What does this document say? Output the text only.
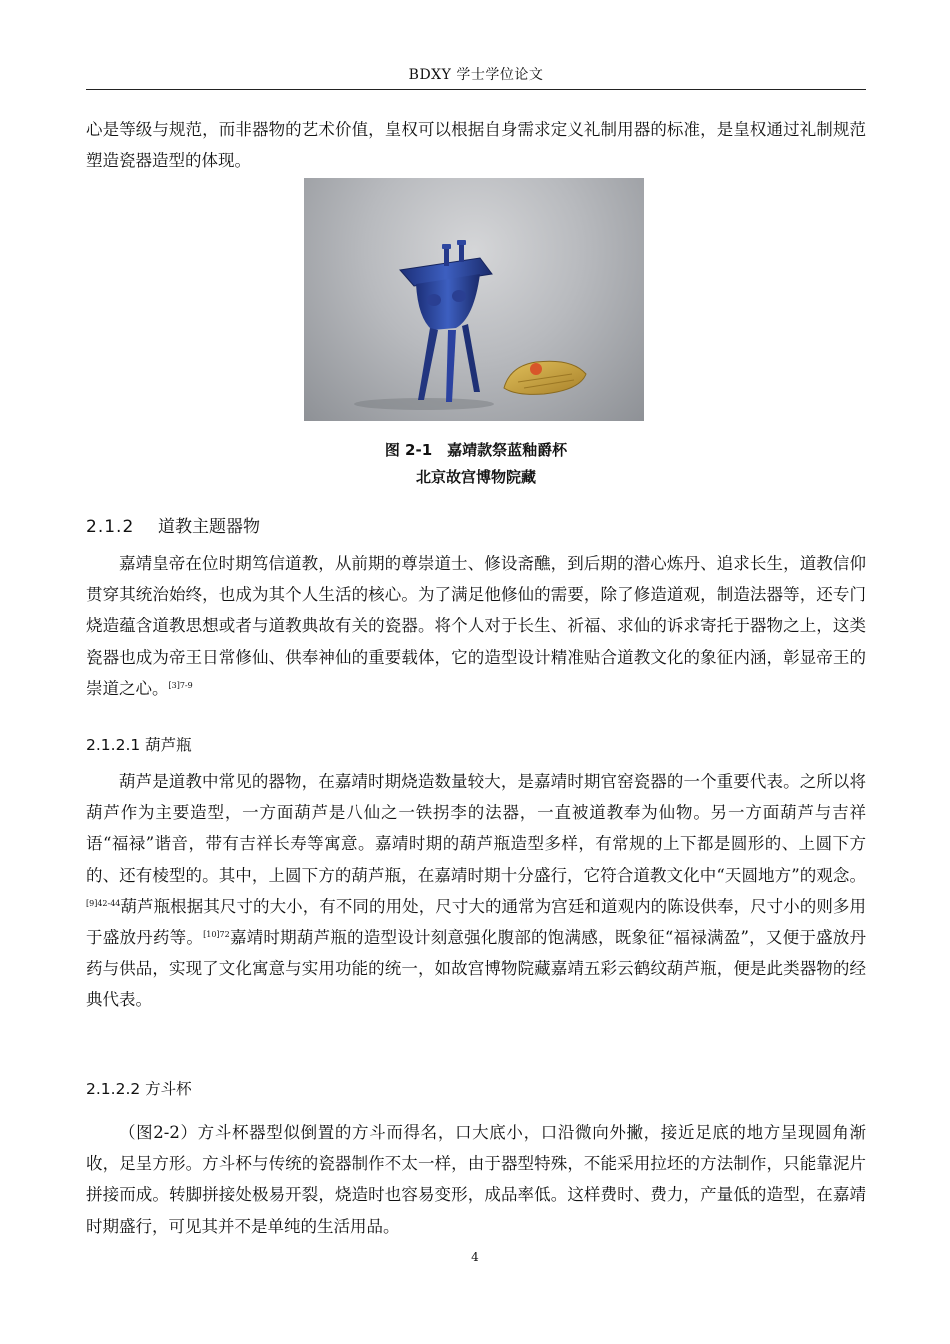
BDXY 学士学位论文

心是等级与规范，而非器物的艺术价值，皇权可以根据自身需求定义礼制用器的标准，是皇权通过礼制规范塑造瓷器造型的体现。

图 2-1　嘉靖款祭蓝釉爵杯
北京故宫博物院藏
2.1.2 道教主题器物

嘉靖皇帝在位时期笃信道教，从前期的尊崇道士、修设斋醮，到后期的潜心炼丹、追求长生，道教信仰贯穿其统治始终，也成为其个人生活的核心。为了满足他修仙的需要，除了修造道观，制造法器等，还专门烧造蕴含道教思想或者与道教典故有关的瓷器。将个人对于长生、祈福、求仙的诉求寄托于器物之上，这类瓷器也成为帝王日常修仙、供奉神仙的重要载体，它的造型设计精准贴合道教文化的象征内涵，彰显帝王的崇道之心。$^{[3]7-9}$

2.1.2.1 葫芦瓶

葫芦是道教中常见的器物，在嘉靖时期烧造数量较大，是嘉靖时期官窑瓷器的一个重要代表。之所以将葫芦作为主要造型，一方面葫芦是八仙之一铁拐李的法器，一直被道教奉为仙物。另一方面葫芦与吉祥语“福禄”谐音，带有吉祥长寿等寓意。嘉靖时期的葫芦瓶造型多样，有常规的上下都是圆形的、上圆下方的、还有棱型的。其中，上圆下方的葫芦瓶，在嘉靖时期十分盛行，它符合道教文化中“天圆地方”的观念。$^{[9]42-44}$葫芦瓶根据其尺寸的大小，有不同的用处，尺寸大的通常为宫廷和道观内的陈设供奉，尺寸小的则多用于盛放丹药等。$^{[10]72}$嘉靖时期葫芦瓶的造型设计刻意强化腹部的饱满感，既象征“福禄满盈”，又便于盛放丹药与供品，实现了文化寓意与实用功能的统一，如故宫博物院藏嘉靖五彩云鹤纹葫芦瓶，便是此类器物的经典代表。

2.1.2.2 方斗杯

（图2-2）方斗杯器型似倒置的方斗而得名，口大底小，口沿微向外撇，接近足底的地方呈现圆角渐收，足呈方形。方斗杯与传统的瓷器制作不太一样，由于器型特殊，不能采用拉坯的方法制作，只能靠泥片拼接而成。转脚拼接处极易开裂，烧造时也容易变形，成品率低。这样费时、费力，产量低的造型，在嘉靖时期盛行，可见其并不是单纯的生活用品。

4
